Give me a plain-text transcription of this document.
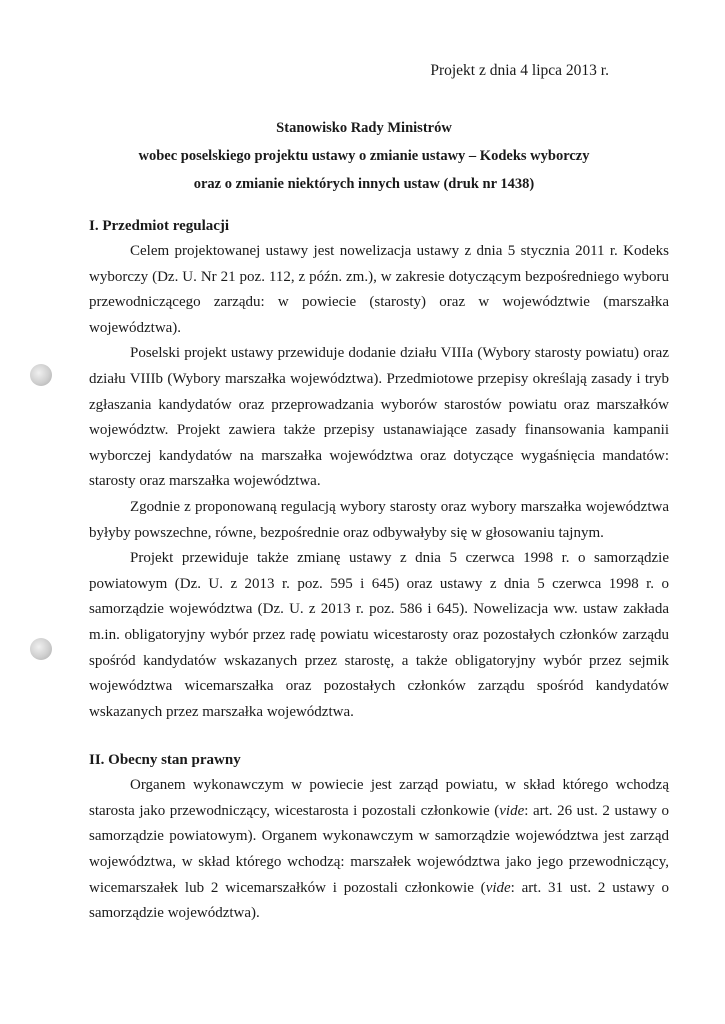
Projekt z dnia 4 lipca 2013 r.
Stanowisko Rady Ministrów
wobec poselskiego projektu ustawy o zmianie ustawy – Kodeks wyborczy
oraz o zmianie niektórych innych ustaw (druk nr 1438)
I. Przedmiot regulacji

Celem projektowanej ustawy jest nowelizacja ustawy z dnia 5 stycznia 2011 r. Kodeks wyborczy (Dz. U. Nr 21 poz. 112, z późn. zm.), w zakresie dotyczącym bezpośredniego wyboru przewodniczącego zarządu: w powiecie (starosty) oraz w województwie (marszałka województwa).

Poselski projekt ustawy przewiduje dodanie działu VIIIa (Wybory starosty powiatu) oraz działu VIIIb (Wybory marszałka województwa). Przedmiotowe przepisy określają zasady i tryb zgłaszania kandydatów oraz przeprowadzania wyborów starostów powiatu oraz marszałków województw. Projekt zawiera także przepisy ustanawiające zasady finansowania kampanii wyborczej kandydatów na marszałka województwa oraz dotyczące wygaśnięcia mandatów: starosty oraz marszałka województwa.

Zgodnie z proponowaną regulacją wybory starosty oraz wybory marszałka województwa byłyby powszechne, równe, bezpośrednie oraz odbywałyby się w głosowaniu tajnym.

Projekt przewiduje także zmianę ustawy z dnia 5 czerwca 1998 r. o samorządzie powiatowym (Dz. U. z 2013 r. poz. 595 i 645) oraz ustawy z dnia 5 czerwca 1998 r. o samorządzie województwa (Dz. U. z 2013 r. poz. 586 i 645). Nowelizacja ww. ustaw zakłada m.in. obligatoryjny wybór przez radę powiatu wicestarosty oraz pozostałych członków zarządu spośród kandydatów wskazanych przez starostę, a także obligatoryjny wybór przez sejmik województwa wicemarszałka oraz pozostałych członków zarządu spośród kandydatów wskazanych przez marszałka województwa.

II. Obecny stan prawny

Organem wykonawczym w powiecie jest zarząd powiatu, w skład którego wchodzą starosta jako przewodniczący, wicestarosta i pozostali członkowie (vide: art. 26 ust. 2 ustawy o samorządzie powiatowym). Organem wykonawczym w samorządzie województwa jest zarząd województwa, w skład którego wchodzą: marszałek województwa jako jego przewodniczący, wicemarszałek lub 2 wicemarszałków i pozostali członkowie (vide: art. 31 ust. 2 ustawy o samorządzie województwa).
